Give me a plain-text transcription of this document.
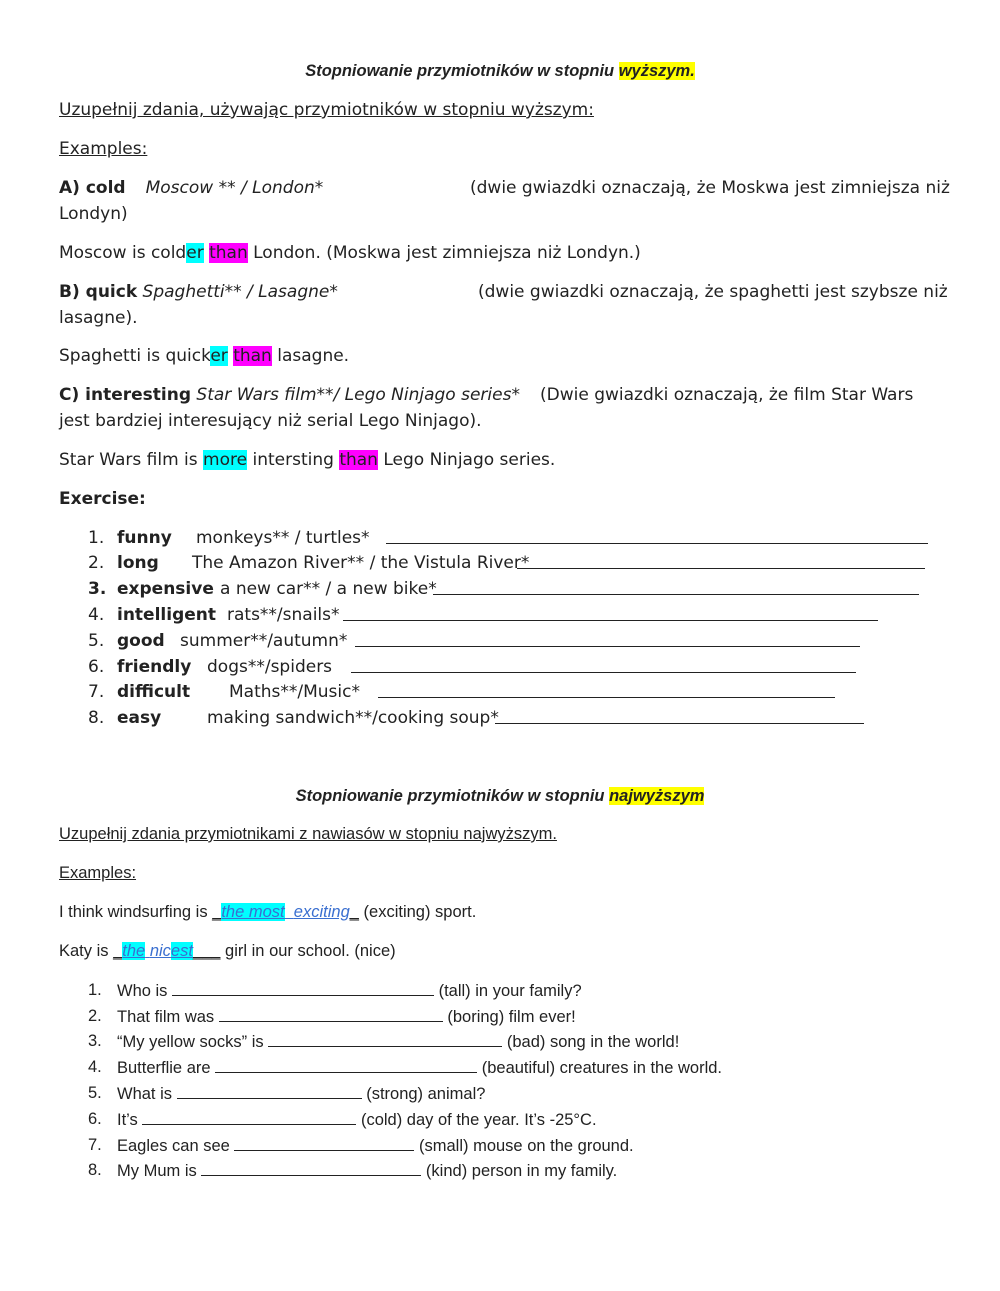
Stopniowanie przymiotników w stopniu wyższym.
Uzupełnij zdania, używając przymiotników w stopniu wyższym:
Examples:
A) cold Moscow ** / London*	(dwie gwiazdki oznaczają, że Moskwa jest zimniejsza niż
Londyn)
Moscow is colder than London. (Moskwa jest zimniejsza niż Londyn.)
B) quick Spaghetti** / Lasagne*	(dwie gwiazdki oznaczają, że spaghetti jest szybsze niż
lasagne).
Spaghetti is quicker than lasagne.
C) interesting Star Wars film**/ Lego Ninjago series* (Dwie gwiazdki oznaczają, że film Star Wars
jest bardziej interesujący niż serial Lego Ninjago).
Star Wars film is more intersting than Lego Ninjago series.
Exercise:
1. funny monkeys** / turtles*
2. long The Amazon River** / the Vistula River*
3. expensive a new car** / a new bike*
4. intelligent rats**/snails*
5. good summer**/autumn*
6. friendly dogs**/spiders
7. difficult Maths**/Music*
8. easy	making sandwich**/cooking soup*
Stopniowanie przymiotników w stopniu najwyższym
Uzupełnij zdania przymiotnikami z nawiasów w stopniu najwyższym.
Examples:
I think windsurfing is _the most exciting_ (exciting) sport.
Katy is _the nicest___ girl in our school. (nice)
1. Who is	(tall) in your family?
2. That film was	(boring) film ever!
3. “My yellow socks” is	(bad) song in the world!
4. Butterflie are	(beautiful) creatures in the world.
5. What is	(strong) animal?
6. It’s	(cold) day of the year. It’s -25°C.
7. Eagles can see	(small) mouse on the ground.
8. My Mum is	(kind) person in my family.
